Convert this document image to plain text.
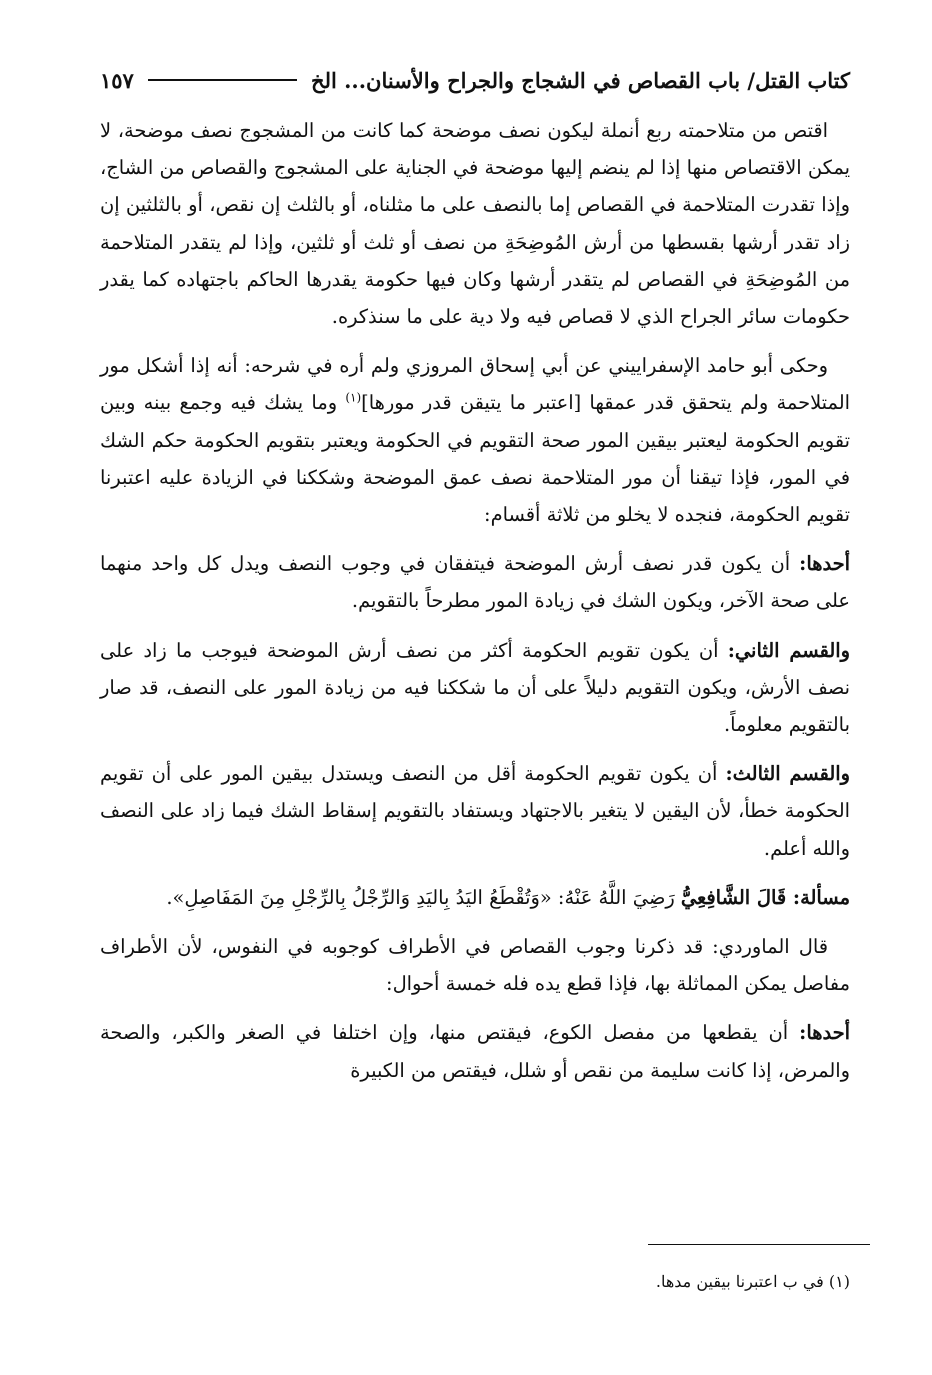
كتاب القتل/ باب القصاص في الشجاج والجراح والأسنان... الخ
١٥٧

اقتص من متلاحمته ربع أنملة ليكون نصف موضحة كما كانت من المشجوج نصف موضحة، لا يمكن الاقتصاص منها إذا لم ينضم إليها موضحة في الجناية على المشجوج والقصاص من الشاج، وإذا تقدرت المتلاحمة في القصاص إما بالنصف على ما مثلناه، أو بالثلث إن نقص، أو بالثلثين إن زاد تقدر أرشها بقسطها من أرش المُوضِحَةِ من نصف أو ثلث أو ثلثين، وإذا لم يتقدر المتلاحمة من المُوضِحَةِ في القصاص لم يتقدر أرشها وكان فيها حكومة يقدرها الحاكم باجتهاده كما يقدر حكومات سائر الجراح الذي لا قصاص فيه ولا دية على ما سنذكره.

وحكى أبو حامد الإسفراييني عن أبي إسحاق المروزي ولم أره في شرحه: أنه إذا أشكل مور المتلاحمة ولم يتحقق قدر عمقها [اعتبر ما يتيقن قدر مورها]$^{(١)}$ وما يشك فيه وجمع بينه وبين تقويم الحكومة ليعتبر بيقين المور صحة التقويم في الحكومة ويعتبر بتقويم الحكومة حكم الشك في المور، فإذا تيقنا أن مور المتلاحمة نصف عمق الموضحة وشككنا في الزيادة عليه اعتبرنا تقويم الحكومة، فنجده لا يخلو من ثلاثة أقسام:

أحدها: أن يكون قدر نصف أرش الموضحة فيتفقان في وجوب النصف ويدل كل واحد منهما على صحة الآخر، ويكون الشك في زيادة المور مطرحاً بالتقويم.

والقسم الثاني: أن يكون تقويم الحكومة أكثر من نصف أرش الموضحة فيوجب ما زاد على نصف الأرش، ويكون التقويم دليلاً على أن ما شككنا فيه من زيادة المور على النصف، قد صار بالتقويم معلوماً.

والقسم الثالث: أن يكون تقويم الحكومة أقل من النصف ويستدل بيقين المور على أن تقويم الحكومة خطأ، لأن اليقين لا يتغير بالاجتهاد ويستفاد بالتقويم إسقاط الشك فيما زاد على النصف والله أعلم.

مسألة: قَالَ الشَّافِعِيُّ رَضِيَ اللَّهُ عَنْهُ: «وَتُقْطَعُ اليَدُ بِاليَدِ وَالرِّجْلُ بِالرِّجْلِ مِنَ المَفَاصِلِ».

قال الماوردي: قد ذكرنا وجوب القصاص في الأطراف كوجوبه في النفوس، لأن الأطراف مفاصل يمكن المماثلة بها، فإذا قطع يده فله خمسة أحوال:

أحدها: أن يقطعها من مفصل الكوع، فيقتص منها، وإن اختلفا في الصغر والكبر، والصحة والمرض، إذا كانت سليمة من نقص أو شلل، فيقتص من الكبيرة

(١) في ب اعتبرنا بيقين مدها.
